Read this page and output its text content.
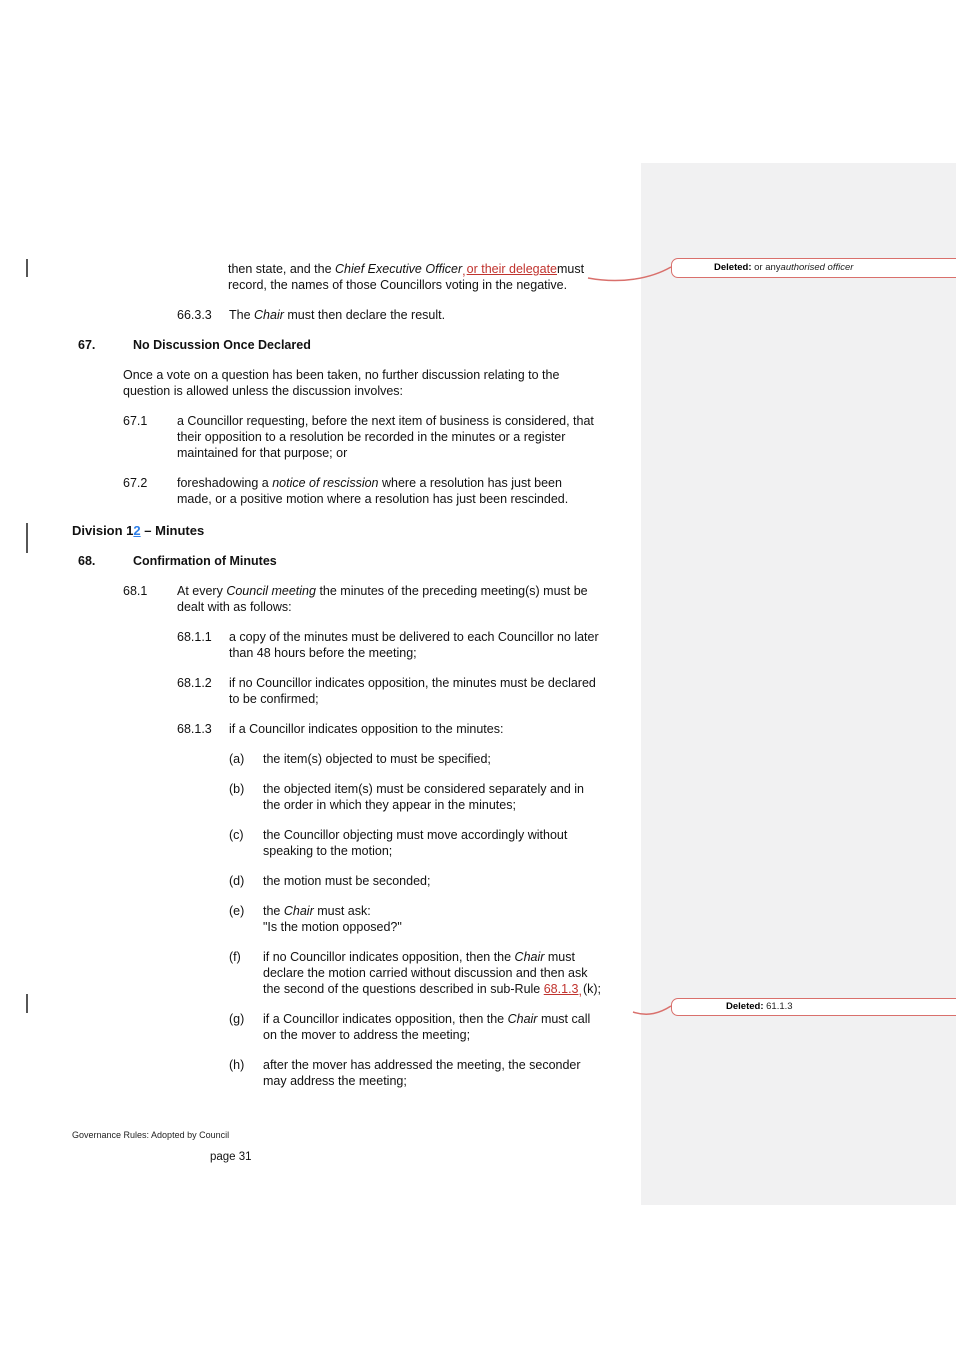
Deleted: or any authorised officer
Deleted: 61.1.3
then state, and the Chief Executive Officer,or their delegatemust
record, the names of those Councillors voting in the negative.
66.3.3	The Chair must then declare the result.
67.	No Discussion Once Declared
Once a vote on a question has been taken, no further discussion relating to the
question is allowed unless the discussion involves:
67.1	a Councillor requesting, before the next item of business is considered, that
their opposition to a resolution be recorded in the minutes or a register
maintained for that purpose; or
67.2	foreshadowing a notice of rescission where a resolution has just been
made, or a positive motion where a resolution has just been rescinded.
Division 12 – Minutes
68.	Confirmation of Minutes
68.1	At every Council meeting the minutes of the preceding meeting(s) must be
dealt with as follows:
68.1.1	a copy of the minutes must be delivered to each Councillor no later
than 48 hours before the meeting;
68.1.2	if no Councillor indicates opposition, the minutes must be declared
to be confirmed;
68.1.3	if a Councillor indicates opposition to the minutes:
(a)	the item(s) objected to must be specified;
(b)	the objected item(s) must be considered separately and in
the order in which they appear in the minutes;
(c)	the Councillor objecting must move accordingly without
speaking to the motion;
(d)	the motion must be seconded;
(e)	the Chair must ask:
"Is the motion opposed?"
(f)	if no Councillor indicates opposition, then the Chair must
declare the motion carried without discussion and then ask
the second of the questions described in sub-Rule 68.1.3,(k);
(g)	if a Councillor indicates opposition, then the Chair must call
on the mover to address the meeting;
(h)	after the mover has addressed the meeting, the seconder
may address the meeting;
Governance Rules: Adopted by Council
page 31
